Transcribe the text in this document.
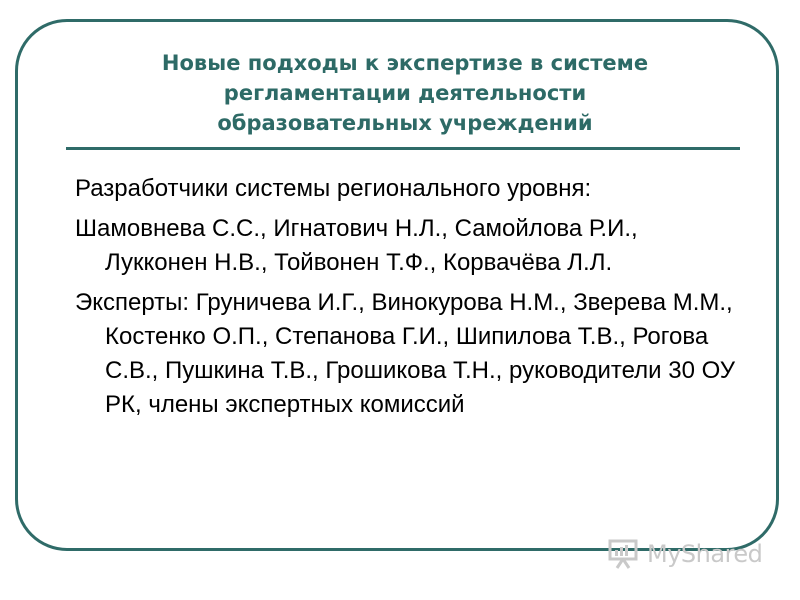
Новые подходы к экспертизе в системе
регламентации деятельности
образовательных учреждений

Разработчики системы регионального уровня:

Шамовнева С.С., Игнатович Н.Л., Самойлова Р.И., Лукконен Н.В., Тойвонен Т.Ф., Корвачёва Л.Л.

Эксперты: Груничева И.Г., Винокурова Н.М., Зверева М.М., Костенко О.П., Степанова Г.И., Шипилова Т.В., Рогова С.В., Пушкина Т.В., Грошикова Т.Н., руководители 30 ОУ РК, члены экспертных комиссий

MyShared
